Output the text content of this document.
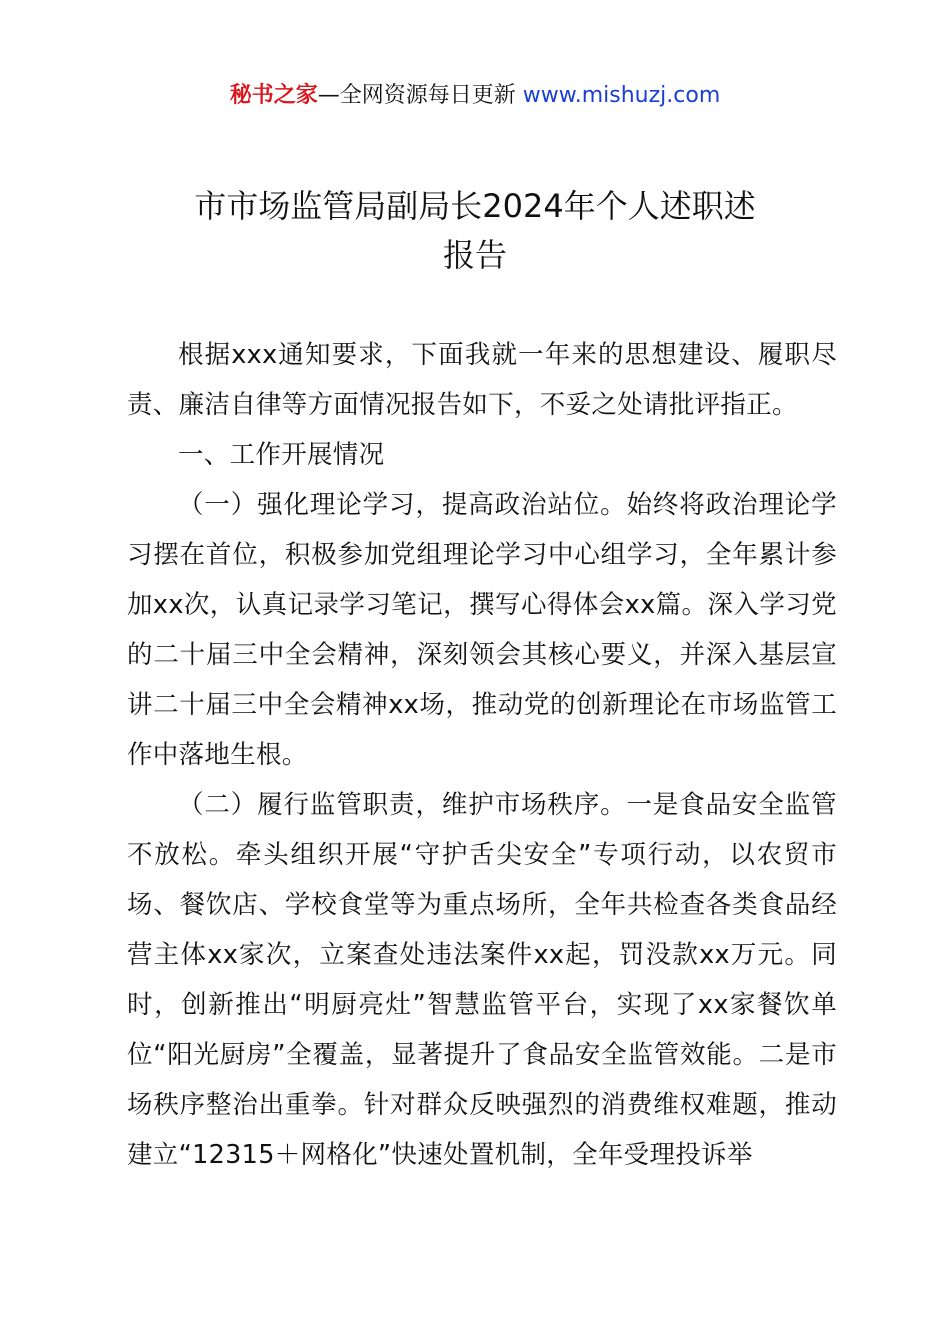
秘书之家—全网资源每日更新 www.mishuzj.com
市市场监管局副局长2024年个人述职述
报告

根据xxx通知要求，下面我就一年来的思想建设、履职尽责、廉洁自律等方面情况报告如下，不妥之处请批评指正。

一、工作开展情况

（一）强化理论学习，提高政治站位。始终将政治理论学习摆在首位，积极参加党组理论学习中心组学习，全年累计参加xx次，认真记录学习笔记，撰写心得体会xx篇。深入学习党的二十届三中全会精神，深刻领会其核心要义，并深入基层宣讲二十届三中全会精神xx场，推动党的创新理论在市场监管工作中落地生根。

（二）履行监管职责，维护市场秩序。一是食品安全监管不放松。牵头组织开展“守护舌尖安全”专项行动，以农贸市场、餐饮店、学校食堂等为重点场所，全年共检查各类食品经营主体xx家次，立案查处违法案件xx起，罚没款xx万元。同时，创新推出“明厨亮灶”智慧监管平台，实现了xx家餐饮单位“阳光厨房”全覆盖，显著提升了食品安全监管效能。二是市场秩序整治出重拳。针对群众反映强烈的消费维权难题，推动建立“12315＋网格化”快速处置机制，全年受理投诉举
